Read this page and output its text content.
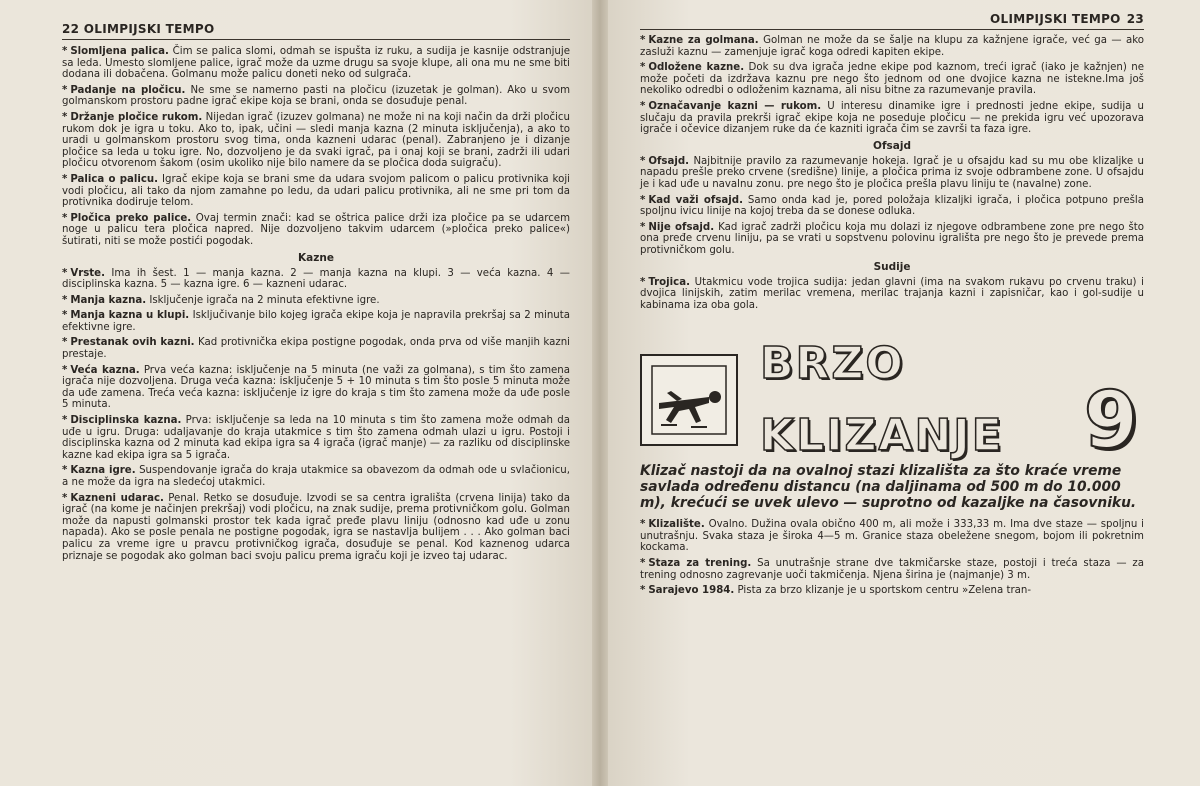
22 OLIMPIJSKI TEMPO

* Slomljena palica. Čim se palica slomi, odmah se ispušta iz ruku, a sudija je kasnije odstranjuje sa leda. Umesto slomljene palice, igrač može da uzme drugu sa svoje klupe, ali ona mu ne sme biti dodana ili dobačena. Golmanu može palicu doneti neko od sulgrača.

* Padanje na pločicu. Ne sme se namerno pasti na pločicu (izuzetak je golman). Ako u svom golmanskom prostoru padne igrač ekipe koja se brani, onda se dosuđuje penal.

* Držanje pločice rukom. Nijedan igrač (izuzev golmana) ne može ni na koji način da drži pločicu rukom dok je igra u toku. Ako to, ipak, učini — sledi manja kazna (2 minuta isključenja), a ako to uradi u golmanskom prostoru svog tima, onda kazneni udarac (penal). Zabranjeno je i dizanje pločice sa leda u toku igre. No, dozvoljeno je da svaki igrač, pa i onaj koji se brani, zadrži ili udari pločicu otvorenom šakom (osim ukoliko nije bilo namere da se pločica doda suigraču).

* Palica o palicu. Igrač ekipe koja se brani sme da udara svojom palicom o palicu protivnika koji vodi pločicu, ali tako da njom zamahne po ledu, da udari palicu protivnika, ali ne sme pri tom da protivnika dodiruje telom.

* Pločica preko palice. Ovaj termin znači: kad se oštrica palice drži iza pločice pa se udarcem noge u palicu tera pločica napred. Nije dozvoljeno takvim udarcem (»pločica preko palice«) šutirati, niti se može postići pogodak.

Kazne

* Vrste. Ima ih šest. 1 — manja kazna. 2 — manja kazna na klupi. 3 — veća kazna. 4 — disciplinska kazna. 5 — kazna igre. 6 — kazneni udarac.

* Manja kazna. Isključenje igrača na 2 minuta efektivne igre.

* Manja kazna u klupi. Isključivanje bilo kojeg igrača ekipe koja je napravila prekršaj sa 2 minuta efektivne igre.

* Prestanak ovih kazni. Kad protivnička ekipa postigne pogodak, onda prva od više manjih kazni prestaje.

* Veća kazna. Prva veća kazna: isključenje na 5 minuta (ne važi za golmana), s tim što zamena igrača nije dozvoljena. Druga veća kazna: isključenje 5 + 10 minuta s tim što posle 5 minuta može da uđe zamena. Treća veća kazna: isključenje iz igre do kraja s tim što zamena može da uđe posle 5 minuta.

* Disciplinska kazna. Prva: isključenje sa leda na 10 minuta s tim što zamena može odmah da uđe u igru. Druga: udaljavanje do kraja utakmice s tim što zamena odmah ulazi u igru. Postoji i disciplinska kazna od 2 minuta kad ekipa igra sa 4 igrača (igrač manje) — za razliku od disciplinske kazne kad ekipa igra sa 5 igrača.

* Kazna igre. Suspendovanje igrača do kraja utakmice sa obavezom da odmah ode u svlačionicu, a ne može da igra na sledećoj utakmici.

* Kazneni udarac. Penal. Retko se dosuđuje. Izvodi se sa centra igrališta (crvena linija) tako da igrač (na kome je načinjen prekršaj) vodi pločicu, na znak sudije, prema protivničkom golu. Golman može da napusti golmanski prostor tek kada igrač pređe plavu liniju (odnosno kad uđe u zonu napada). Ako se posle penala ne postigne pogodak, igra se nastavlja bulijem . . . Ako golman baci palicu za vreme igre u pravcu protivničkog igrača, dosuđuje se penal. Kod kaznenog udarca priznaje se pogodak ako golman baci svoju palicu prema igraču koji je izveo taj udarac.

OLIMPIJSKI TEMPO 23

* Kazne za golmana. Golman ne može da se šalje na klupu za kažnjene igrače, već ga — ako zasluži kaznu — zamenjuje igrač koga odredi kapiten ekipe.

* Odložene kazne. Dok su dva igrača jedne ekipe pod kaznom, treći igrač (iako je kažnjen) ne može početi da izdržava kaznu pre nego što jednom od one dvojice kazna ne istekne.Ima još nekoliko odredbi o odloženim kaznama, ali nisu bitne za razumevanje pravila.

* Označavanje kazni — rukom. U interesu dinamike igre i prednosti jedne ekipe, sudija u slučaju da pravila prekrši igrač ekipe koja ne poseduje pločicu — ne prekida igru već upozorava igrače i očevice dizanjem ruke da će kazniti igrača čim se završi ta faza igre.

Ofsajd

* Ofsajd. Najbitnije pravilo za razumevanje hokeja. Igrač je u ofsajdu kad su mu obe klizaljke u napadu prešle preko crvene (središne) linije, a pločica prima iz svoje odbrambene zone. U ofsajdu je i kad uđe u navalnu zonu. pre nego što je pločica prešla plavu liniju te (navalne) zone.

* Kad važi ofsajd. Samo onda kad je, pored položaja klizaljki igrača, i pločica potpuno prešla spoljnu ivicu linije na kojoj treba da se donese odluka.

* Nije ofsajd. Kad igrač zadrži pločicu koja mu dolazi iz njegove odbrambene zone pre nego što ona pređe crvenu liniju, pa se vrati u sopstvenu polovinu igrališta pre nego što je prevede prema protivničkom golu.

Sudije

* Trojica. Utakmicu vode trojica sudija: jedan glavni (ima na svakom rukavu po crvenu traku) i dvojica linijskih, zatim merilac vremena, merilac trajanja kazni i zapisničar, kao i gol-sudije u kabinama iza oba gola.

BRZO
KLIZANJE 9

Klizač nastoji da na ovalnoj stazi klizališta za što kraće vreme savlada određenu distancu (na daljinama od 500 m do 10.000 m), krećući se uvek ulevo — suprotno od kazaljke na časovniku.

* Klizalište. Ovalno. Dužina ovala obično 400 m, ali može i 333,33 m. Ima dve staze — spoljnu i unutrašnju. Svaka staza je široka 4—5 m. Granice staza obeležene snegom, bojom ili pokretnim kockama.

* Staza za trening. Sa unutrašnje strane dve takmičarske staze, postoji i treća staza — za trening odnosno zagrevanje uoči takmičenja. Njena širina je (najmanje) 3 m.

* Sarajevo 1984. Pista za brzo klizanje je u sportskom centru »Zelena tran-
